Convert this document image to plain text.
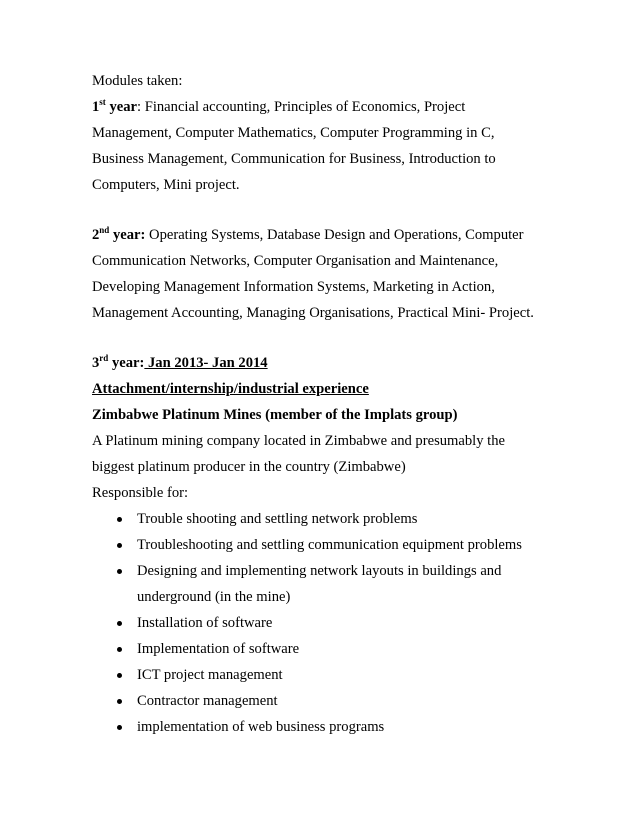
Modules taken:
1st year: Financial accounting, Principles of Economics, Project
Management, Computer Mathematics, Computer Programming in C,
Business Management, Communication for Business, Introduction to
Computers, Mini project.
2nd year: Operating Systems, Database Design and Operations, Computer
Communication Networks, Computer Organisation and Maintenance,
Developing Management Information Systems, Marketing in Action,
Management Accounting, Managing Organisations, Practical Mini- Project.
3rd year: Jan 2013- Jan 2014
Attachment/internship/industrial experience
Zimbabwe Platinum Mines (member of the Implats group)
A Platinum mining company located in Zimbabwe and presumably the
biggest platinum producer in the country (Zimbabwe)
Responsible for:
Trouble shooting and settling network problems
Troubleshooting and settling communication equipment problems
Designing and implementing network layouts in buildings and
underground (in the mine)
Installation of software
Implementation of software
ICT project management
Contractor management
implementation of web business programs
